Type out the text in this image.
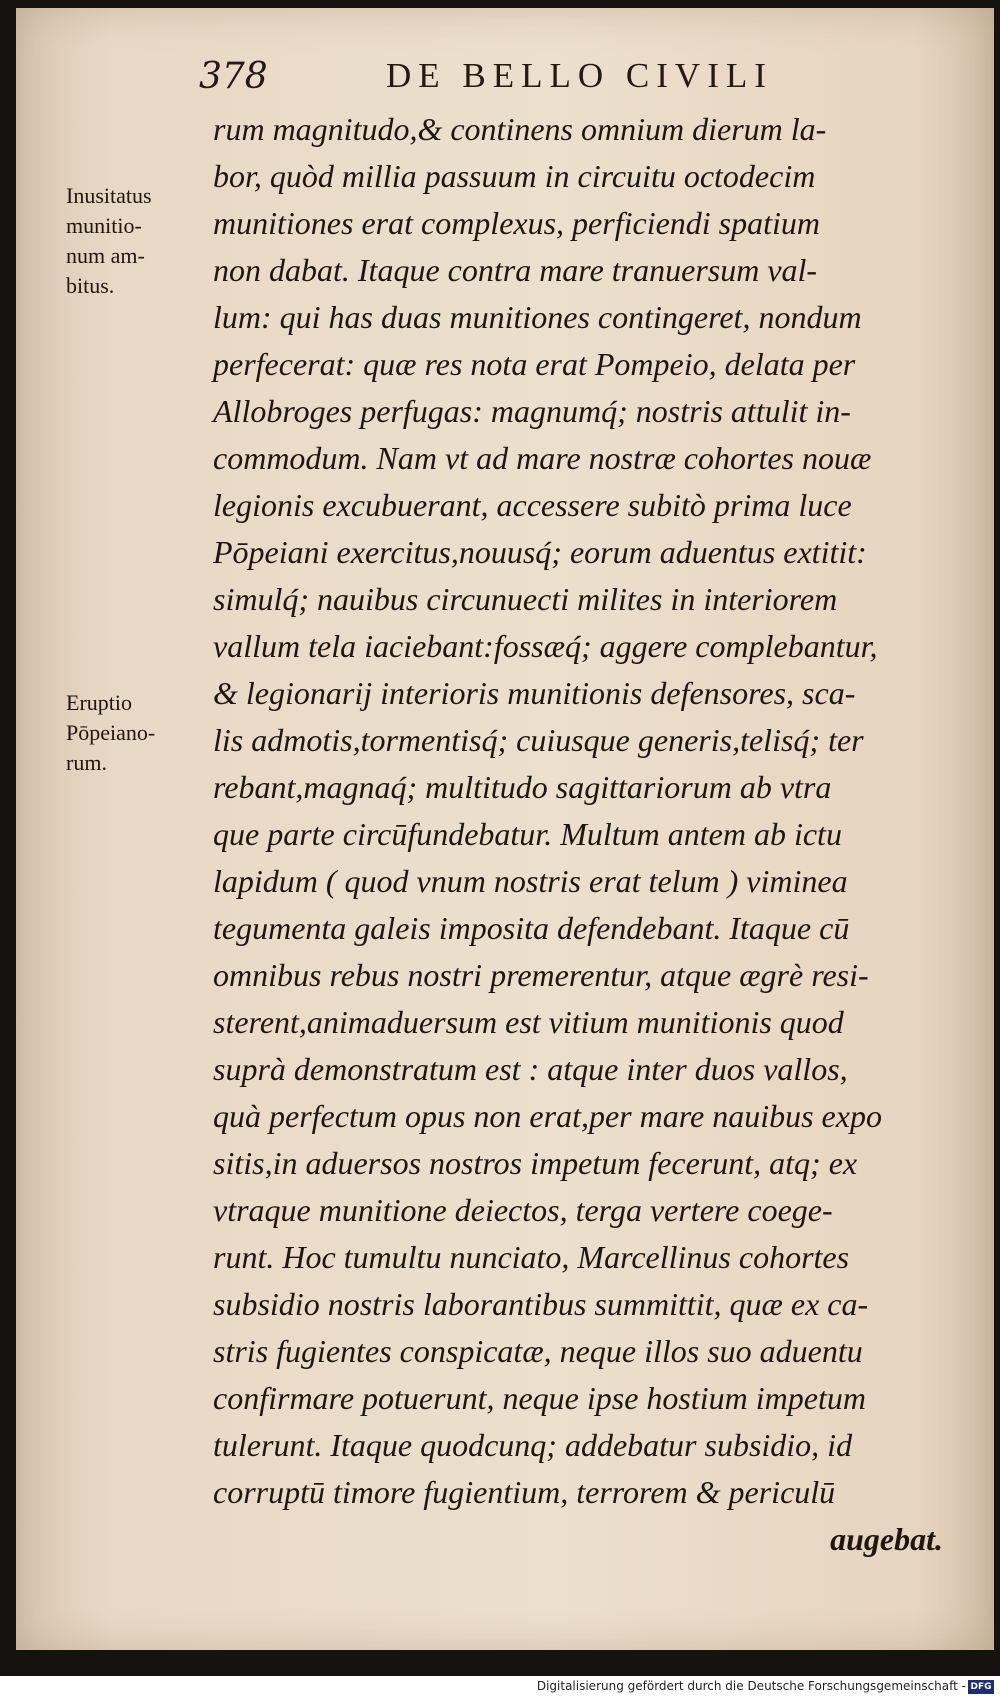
378	DE BELLO CIVILI
Inusitatus
munitio-
num am-
bitus.
Eruptio
Pōpeiano-
rum.
rum magnitudo,& continens omnium dierum la-
bor, quòd millia passuum in circuitu octodecim
munitiones erat complexus, perficiendi spatium
non dabat. Itaque contra mare tranuersum val-
lum: qui has duas munitiones contingeret, nondum
perfecerat: quæ res nota erat Pompeio, delata per
Allobroges perfugas: magnumq́; nostris attulit in-
commodum. Nam vt ad mare nostræ cohortes nouæ
legionis excubuerant, accessere subitò prima luce
Pōpeiani exercitus,nouusq́; eorum aduentus extitit:
simulq́; nauibus circunuecti milites in interiorem
vallum tela iaciebant:fossæq́; aggere complebantur,
& legionarij interioris munitionis defensores, sca-
lis admotis,tormentisq́; cuiusque generis,telisq́; ter
rebant,magnaq́; multitudo sagittariorum ab vtra
que parte circūfundebatur. Multum antem ab ictu
lapidum ( quod vnum nostris erat telum ) viminea
tegumenta galeis imposita defendebant. Itaque cū
omnibus rebus nostri premerentur, atque ægrè resi-
sterent,animaduersum est vitium munitionis quod
suprà demonstratum est : atque inter duos vallos,
quà perfectum opus non erat,per mare nauibus expo
sitis,in aduersos nostros impetum fecerunt, atq; ex
vtraque munitione deiectos, terga vertere coege-
runt. Hoc tumultu nunciato, Marcellinus cohortes
subsidio nostris laborantibus summittit, quæ ex ca-
stris fugientes conspicatæ, neque illos suo aduentu
confirmare potuerunt, neque ipse hostium impetum
tulerunt. Itaque quodcunq; addebatur subsidio, id
corruptū timore fugientium, terrorem & periculū
augebat.
Digitalisierung gefördert durch die Deutsche Forschungsgemeinschaft - DFG
